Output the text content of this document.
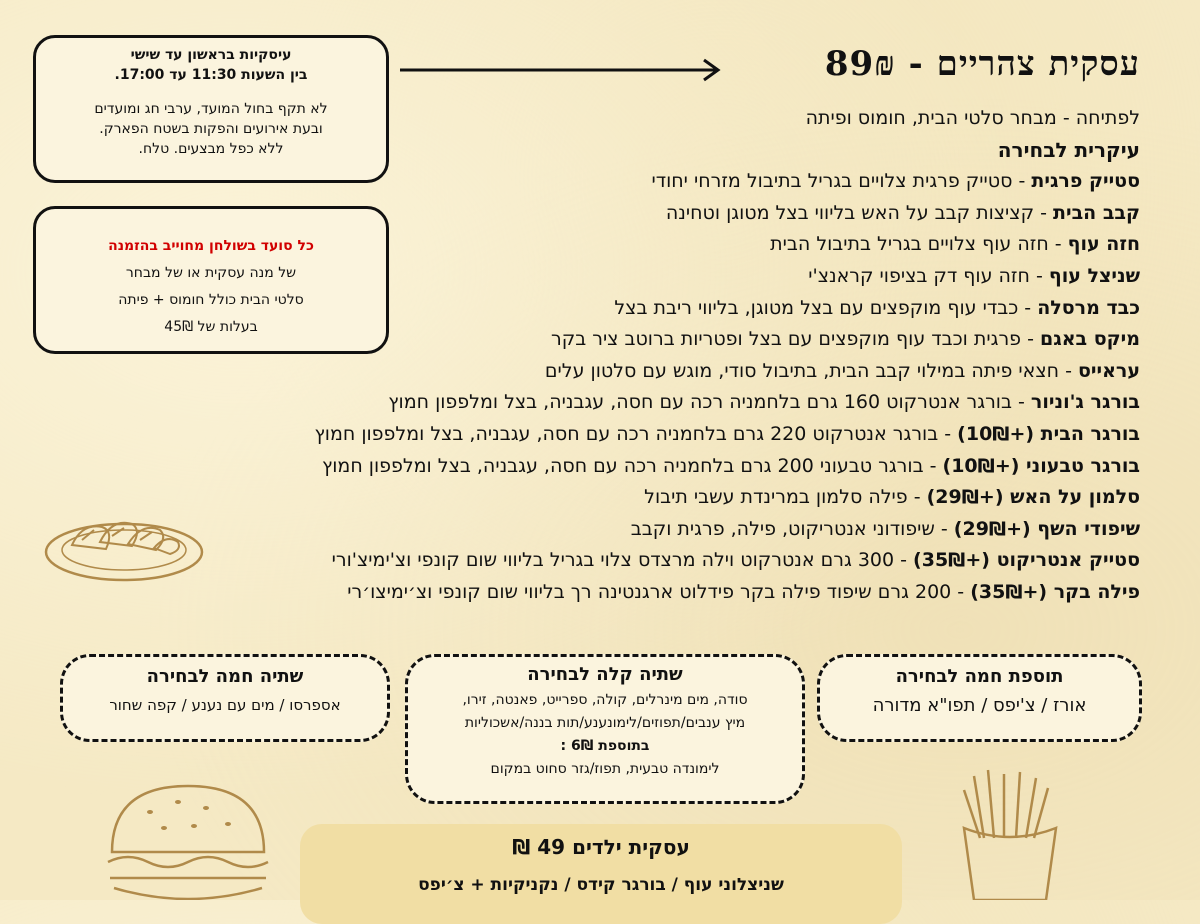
עסקית צהריים - 89₪
לפתיחה - מבחר סלטי הבית, חומוס ופיתה
עיקרית לבחירה
סטייק פרגית - סטייק פרגית צלויים בגריל בתיבול מזרחי יחודי
קבב הבית - קציצות קבב על האש בליווי בצל מטוגן וטחינה
חזה עוף - חזה עוף צלויים בגריל בתיבול הבית
שניצל עוף - חזה עוף דק בציפוי קראנצ'י
כבד מרסלה - כבדי עוף מוקפצים עם בצל מטוגן, בליווי ריבת בצל
מיקס באגם - פרגית וכבד עוף מוקפצים עם בצל ופטריות ברוטב ציר בקר
עראייס - חצאי פיתה במילוי קבב הבית, בתיבול סודי, מוגש עם סלטון עלים
בורגר ג'וניור - בורגר אנטרקוט 160 גרם בלחמניה רכה עם חסה, עגבניה, בצל ומלפפון חמוץ
בורגר הבית (+10₪) - בורגר אנטרקוט 220 גרם בלחמניה רכה עם חסה, עגבניה, בצל ומלפפון חמוץ
בורגר טבעוני (+10₪) - בורגר טבעוני 200 גרם בלחמניה רכה עם חסה, עגבניה, בצל ומלפפון חמוץ
סלמון על האש (+29₪) - פילה סלמון במרינדת עשבי תיבול
שיפודי השף (+29₪) - שיפודוני אנטריקוט, פילה, פרגית וקבב
סטייק אנטריקוט (+35₪) - 300 גרם אנטרקוט וילה מרצדס צלוי בגריל בליווי שום קונפי וצ'ימיצ'ורי
פילה בקר (+35₪) - 200 גרם שיפוד פילה בקר פידלוט ארגנטינה רך בליווי שום קונפי וצ׳ימיצו׳רי
עיסקיות בראשון עד שישי
בין השעות 11:30 עד 17:00.
לא תקף בחול המועד, ערבי חג ומועדים
ובעת אירועים והפקות בשטח הפארק.
ללא כפל מבצעים. טלח.
כל סועד בשולחן מחוייב בהזמנה
של מנה עסקית או של מבחר
סלטי הבית כולל חומוס + פיתה
בעלות של 45₪
שתיה חמה לבחירה
אספרסו / מים עם נענע / קפה שחור
שתיה קלה לבחירה
סודה, מים מינרלים, קולה, ספרייט, פאנטה, זירו,
מיץ ענבים/תפוזים/לימונענע/תות בננה/אשכוליות
בתוספת 6₪ :
לימונדה טבעית, תפוז/גזר סחוט במקום
תוספת חמה לבחירה
אורז / צ'יפס / תפו"א מדורה
עסקית ילדים 49 ₪
שניצלוני עוף / בורגר קידס / נקניקיות + צ׳יפס
